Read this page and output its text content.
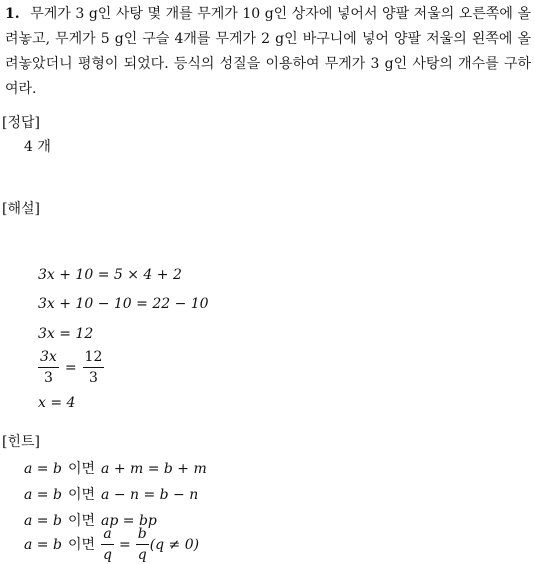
1. 무게가 3 g인 사탕 몇 개를 무게가 10 g인 상자에 넣어서 양팔 저울의 오른쪽에 올려놓고, 무게가 5 g인 구슬 4개를 무게가 2 g인 바구니에 넣어 양팔 저울의 왼쪽에 올려놓았더니 평형이 되었다. 등식의 성질을 이용하여 무게가 3 g인 사탕의 개수를 구하여라.
[정답]
4 개
[해설]
3x + 10 = 5 × 4 + 2
3x + 10 − 10 = 22 − 10
3x = 12
$\frac{3x}{3} = \frac{12}{3}$
x = 4
[힌트]
a = b 이면 a + m = b + m
a = b 이면 a − n = b − n
a = b 이면 ap = bp
a = b 이면 $\frac{a}{q} = \frac{b}{q} (q \ne 0)$
